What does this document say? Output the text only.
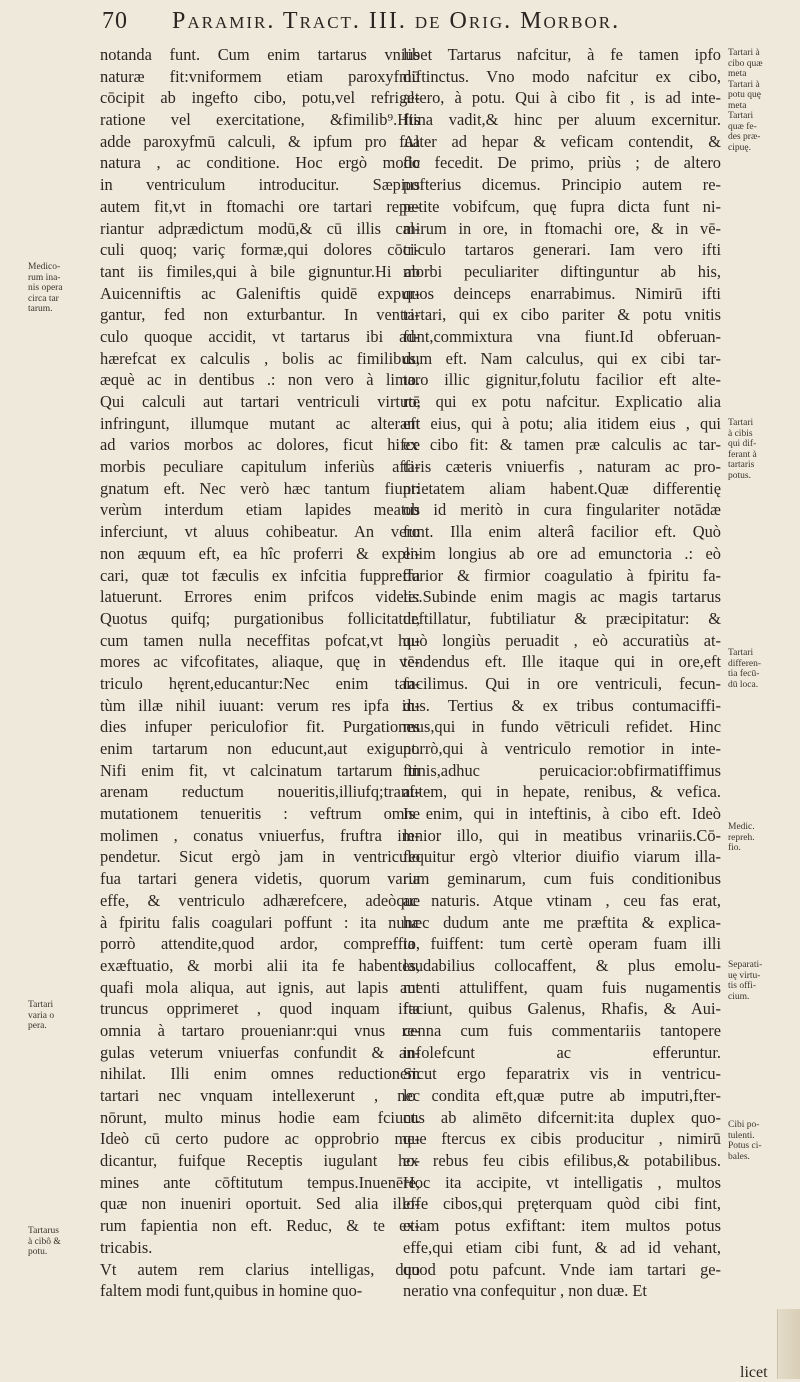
70 Paramir. Tract. III. de Orig. Morbor.
notanda funt. Cum enim tartarus vnius
naturæ fit:vniformem etiam paroxyfmū
cōcipit ab ingefto cibo, potu,vel refrige-
ratione vel exercitatione, &fimilib⁹.His
adde paroxyfmū calculi, & ipfum pro fua
natura , ac conditione. Hoc ergò modo
in ventriculum introducitur. Sæpius
autem fit,vt in ftomachi ore tartari repe-
riantur adprædictum modū,& cū illis cal-
culi quoq; variç formæ,qui dolores cōci-
tant iis fimiles,qui à bile gignuntur.Hi ab
Auicenniftis ac Galeniftis quidē expur-
gantur, fed non exturbantur. In ventri-
culo quoque accidit, vt tartarus ibi ad-
hærefcat ex calculis , bolis ac fimilibus,
æquè ac in dentibus .: non vero à limo.
Qui calculi aut tartari ventriculi virtutē
infringunt, illumque mutant ac alterant
ad varios morbos ac dolores, ficut hifce
morbis peculiare capitulum inferiùs affi-
gnatum eft. Nec verò hæc tantum fiunt:
verùm interdum etiam lapides meatus
inferciunt, vt aluus cohibeatur. An vero
non æquum eft, ea hîc proferri & expli-
cari, quæ tot fæculis ex infcitia fuppreffa
latuerunt. Errores enim prifcos videte:
Quotus quifq; purgationibus follicitatur,
cum tamen nulla neceffitas pofcat,vt hu-
mores ac vifcofitates, aliaque, quę in vē-
triculo hęrent,educantur:Nec enim tan-
tùm illæ nihil iuuant: verum res ipfa in-
dies infuper periculofior fit. Purgationes
enim tartarum non educunt,aut exigunt.
Nifi enim fit, vt calcinatum tartarum in
arenam reductum noueritis,illiufq;tranf-
mutationem tenueritis : veftrum omne
molimen , conatus vniuerfus, fruftra im-
pendetur. Sicut ergò jam in ventriculo
fua tartari genera videtis, quorum varia
effe, & ventriculo adhærefcere, adeòque
à fpiritu falis coagulari poffunt : ita nunc
porrò attendite,quod ardor, compreffio,
exæftuatio, & morbi alii ita fe habentes,
quafi mola aliqua, aut ignis, aut lapis aut
truncus opprimeret , quod inquam ifta
omnia à tartaro prouenianr:qui vnus re-
gulas veterum vniuerfas confundit & an-
nihilat. Illi enim omnes reductionem
tartari nec vnquam intellexerunt , nec
nōrunt, multo minus hodie eam fciunt.
Ideò cū certo pudore ac opprobrio me-
dicantur, fuifque Receptis iugulant ho-
mines ante cōftitutum tempus.Inuenēre,
quæ non inueniri oportuit. Sed alia illo-
rum fapientia non eft. Reduc, & te ex-
tricabis.
Vt autem rem clarius intelligas, duo
faltem modi funt,quibus in homine quo-
libet Tartarus nafcitur, à fe tamen ipfo
diftinctus. Vno modo nafcitur ex cibo,
altero, à potu. Qui à cibo fit , is ad inte-
ftina vadit,& hinc per aluum excernitur.
Alter ad hepar & veficam contendit, &
fic fecedit. De primo, priùs ; de altero
pofterius dicemus. Principio autem re-
petite vobifcum, quę fupra dicta funt ni-
mirum in ore, in ftomachi ore, & in vē-
triculo tartaros generari. Iam vero ifti
morbi peculiariter diftinguntur ab his,
quos deinceps enarrabimus. Nimirū ifti
tartari, qui ex cibo pariter & potu vnitis
funt,commixtura vna fiunt.Id obferuan-
dum eft. Nam calculus, qui ex cibi tar-
taro illic gignitur,folutu facilior eft alte-
ro, qui ex potu nafcitur. Explicatio alia
eft eius, qui à potu; alia itidem eius , qui
ex cibo fit: & tamen præ calculis ac tar-
taris cæteris vniuerfis , naturam ac pro-
prietatem aliam habent.Quæ differentię
ob id meritò in cura fingulariter notādæ
funt. Illa enim alterâ facilior eft. Quò
enim longius ab ore ad emunctoria .: eò
durior & firmior coagulatio à fpiritu fa-
lis.Subinde enim magis ac magis tartarus
deftillatur, fubtiliatur & præcipitatur: &
quò longiùs peruadit , eò accuratiùs at-
tendendus eft. Ille itaque qui in ore,eft
facilimus. Qui in ore ventriculi, fecun-
dus. Tertius & ex tribus contumaciffi-
mus,qui in fundo vētriculi refidet. Hinc
porrò,qui à ventriculo remotior in inte-
ftinis,adhuc peruicacior:obfirmatiffimus
autem, qui in hepate, renibus, & vefica.
Is enim, qui in inteftinis, à cibo eft. Ideò
lenior illo, qui in meatibus vrinariis.Cō-
fequitur ergò vlterior diuifio viarum illa-
rum geminarum, cum fuis conditionibus
ac naturis. Atque vtinam , ceu fas erat,
hæc dudum ante me præftita & explica-
ta fuiffent: tum certè operam fuam illi
laudabilius collocaffent, & plus emolu-
menti attuliffent, quam fuis nugamentis
faciunt, quibus Galenus, Rhafis, & Aui-
cenna cum fuis commentariis tantopere
infolefcunt ac efferuntur.
Sicut ergo feparatrix vis in ventricu-
lo condita eft,quæ putre ab imputri,fter-
cus ab alimēto difcernit:ita duplex quo-
que ftercus ex cibis producitur , nimirū
ex rebus feu cibis efilibus,& potabilibus.
Hoc ita accipite, vt intelligatis , multos
effe cibos,qui pręterquam quòd cibi fint,
etiam potus exfiftant: item multos potus
effe,qui etiam cibi funt, & ad id vehant,
quod potu pafcunt. Vnde iam tartari ge-
neratio vna confequitur , non duæ. Et
Medico-
rum ina-
nis opera
circa tar
tarum.
Tartari
varia o
pera.
Tartarus
à cibô &
potu.
Tartari à
cibo quæ
meta
Tartari à
potu quę
meta
Tartari
quæ fe-
des præ-
cipuę.
Tartari
à cibis
qui dif-
ferant à
tartaris
potus.
Tartari
differen-
tia fecū-
dū loca.
Medic.
repreh.
fio.
Separati-
uę virtu-
tis offi-
cium.
Cibi po-
tulenti.
Potus ci-
bales.
licet
